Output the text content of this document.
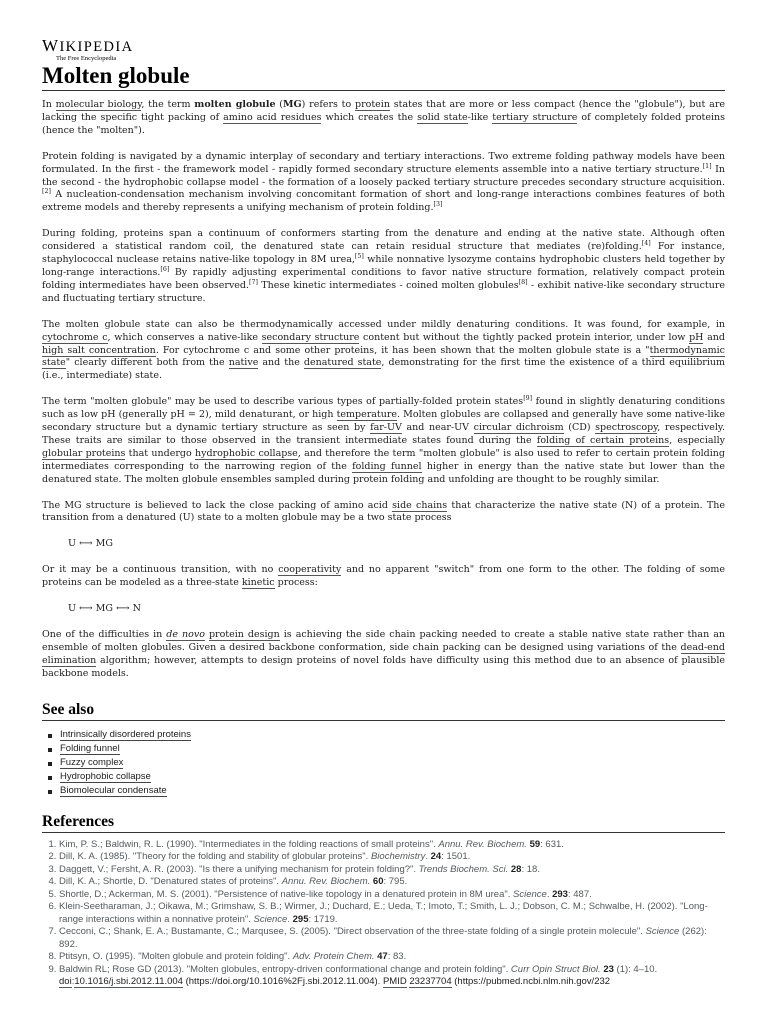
WIKIPEDIA
The Free Encyclopedia
Molten globule

In molecular biology, the term molten globule (MG) refers to protein states that are more or less compact (hence the "globule"), but are lacking the specific tight packing of amino acid residues which creates the solid state-like tertiary structure of completely folded proteins (hence the "molten").

Protein folding is navigated by a dynamic interplay of secondary and tertiary interactions. Two extreme folding pathway models have been formulated. In the first - the framework model - rapidly formed secondary structure elements assemble into a native tertiary structure.[1] In the second - the hydrophobic collapse model - the formation of a loosely packed tertiary structure precedes secondary structure acquisition.[2] A nucleation-condensation mechanism involving concomitant formation of short and long-range interactions combines features of both extreme models and thereby represents a unifying mechanism of protein folding.[3]

During folding, proteins span a continuum of conformers starting from the denature and ending at the native state. Although often considered a statistical random coil, the denatured state can retain residual structure that mediates (re)folding.[4] For instance, staphylococcal nuclease retains native-like topology in 8M urea,[5] while nonnative lysozyme contains hydrophobic clusters held together by long-range interactions.[6] By rapidly adjusting experimental conditions to favor native structure formation, relatively compact protein folding intermediates have been observed.[7] These kinetic intermediates - coined molten globules[8] - exhibit native-like secondary structure and fluctuating tertiary structure.

The molten globule state can also be thermodynamically accessed under mildly denaturing conditions. It was found, for example, in cytochrome c, which conserves a native-like secondary structure content but without the tightly packed protein interior, under low pH and high salt concentration. For cytochrome c and some other proteins, it has been shown that the molten globule state is a "thermodynamic state" clearly different both from the native and the denatured state, demonstrating for the first time the existence of a third equilibrium (i.e., intermediate) state.

The term "molten globule" may be used to describe various types of partially-folded protein states[9] found in slightly denaturing conditions such as low pH (generally pH = 2), mild denaturant, or high temperature. Molten globules are collapsed and generally have some native-like secondary structure but a dynamic tertiary structure as seen by far-UV and near-UV circular dichroism (CD) spectroscopy, respectively. These traits are similar to those observed in the transient intermediate states found during the folding of certain proteins, especially globular proteins that undergo hydrophobic collapse, and therefore the term "molten globule" is also used to refer to certain protein folding intermediates corresponding to the narrowing region of the folding funnel higher in energy than the native state but lower than the denatured state. The molten globule ensembles sampled during protein folding and unfolding are thought to be roughly similar.

The MG structure is believed to lack the close packing of amino acid side chains that characterize the native state (N) of a protein. The transition from a denatured (U) state to a molten globule may be a two state process

U ⟷ MG

Or it may be a continuous transition, with no cooperativity and no apparent "switch" from one form to the other. The folding of some proteins can be modeled as a three-state kinetic process:

U ⟷ MG ⟷ N

One of the difficulties in de novo protein design is achieving the side chain packing needed to create a stable native state rather than an ensemble of molten globules. Given a desired backbone conformation, side chain packing can be designed using variations of the dead-end elimination algorithm; however, attempts to design proteins of novel folds have difficulty using this method due to an absence of plausible backbone models.

See also
Intrinsically disordered proteins
Folding funnel
Fuzzy complex
Hydrophobic collapse
Biomolecular condensate
References
1. Kim, P. S.; Baldwin, R. L. (1990). "Intermediates in the folding reactions of small proteins". Annu. Rev. Biochem. 59: 631.
2. Dill, K. A. (1985). "Theory for the folding and stability of globular proteins". Biochemistry. 24: 1501.
3. Daggett, V.; Fersht, A. R. (2003). "Is there a unifying mechanism for protein folding?". Trends Biochem. Sci. 28: 18.
4. Dill, K. A.; Shortle, D. "Denatured states of proteins". Annu. Rev. Biochem. 60: 795.
5. Shortle, D.; Ackerman, M. S. (2001). "Persistence of native-like topology in a denatured protein in 8M urea". Science. 293: 487.
6. Klein-Seetharaman, J.; Oikawa, M.; Grimshaw, S. B.; Wirmer, J.; Duchard, E.; Ueda, T.; Imoto, T.; Smith, L. J.; Dobson, C. M.; Schwalbe, H. (2002). "Long-range interactions within a nonnative protein". Science. 295: 1719.
7. Cecconi, C.; Shank, E. A.; Bustamante, C.; Marqusee, S. (2005). "Direct observation of the three-state folding of a single protein molecule". Science (262): 892.
8. Ptitsyn, O. (1995). "Molten globule and protein folding". Adv. Protein Chem. 47: 83.
9. Baldwin RL; Rose GD (2013). "Molten globules, entropy-driven conformational change and protein folding". Curr Opin Struct Biol. 23 (1): 4–10. doi:10.1016/j.sbi.2012.11.004 (https://doi.org/10.1016%2Fj.sbi.2012.11.004). PMID 23237704 (https://pubmed.ncbi.nlm.nih.gov/232
